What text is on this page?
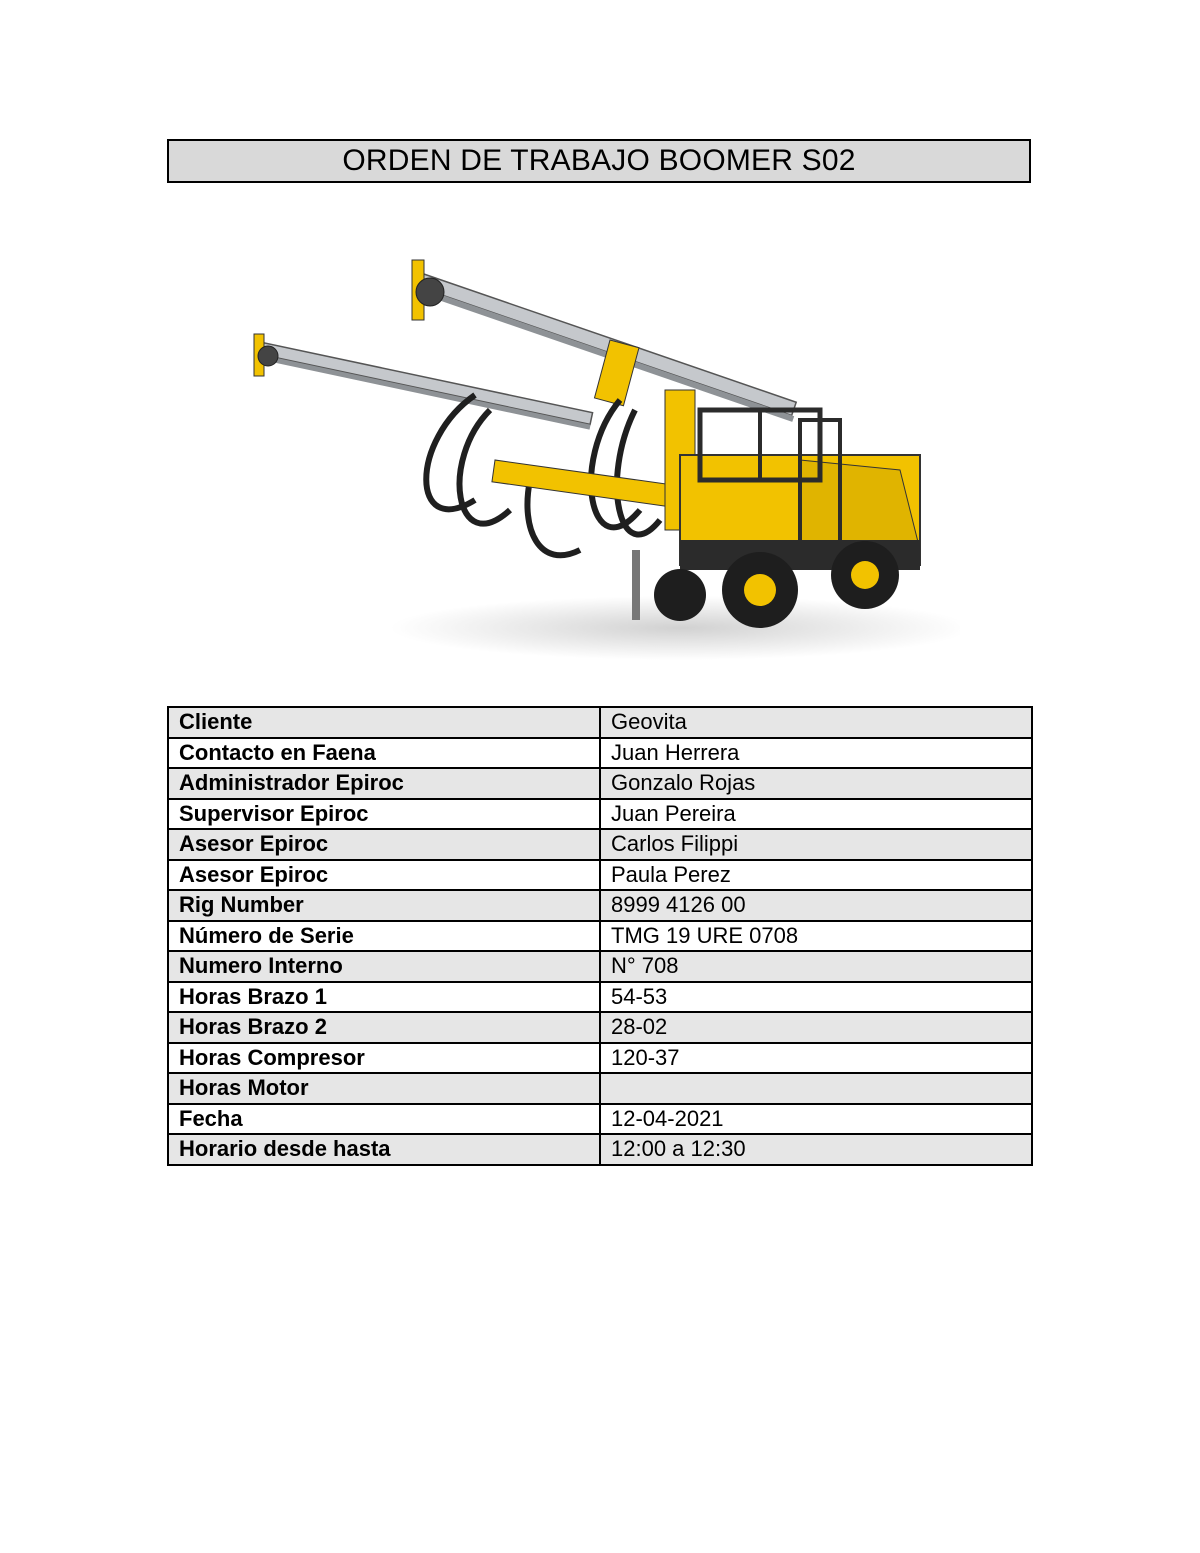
ORDEN DE TRABAJO BOOMER S02
Cliente	Geovita
Contacto en Faena	Juan Herrera
Administrador Epiroc	Gonzalo Rojas
Supervisor Epiroc	Juan Pereira
Asesor Epiroc	Carlos Filippi
Asesor Epiroc	Paula Perez
Rig Number	8999 4126 00
Número de Serie	TMG 19 URE 0708
Numero Interno	N° 708
Horas Brazo 1	54-53
Horas Brazo 2	28-02
Horas Compresor	120-37
Horas Motor	
Fecha	12-04-2021
Horario desde hasta	12:00 a 12:30
